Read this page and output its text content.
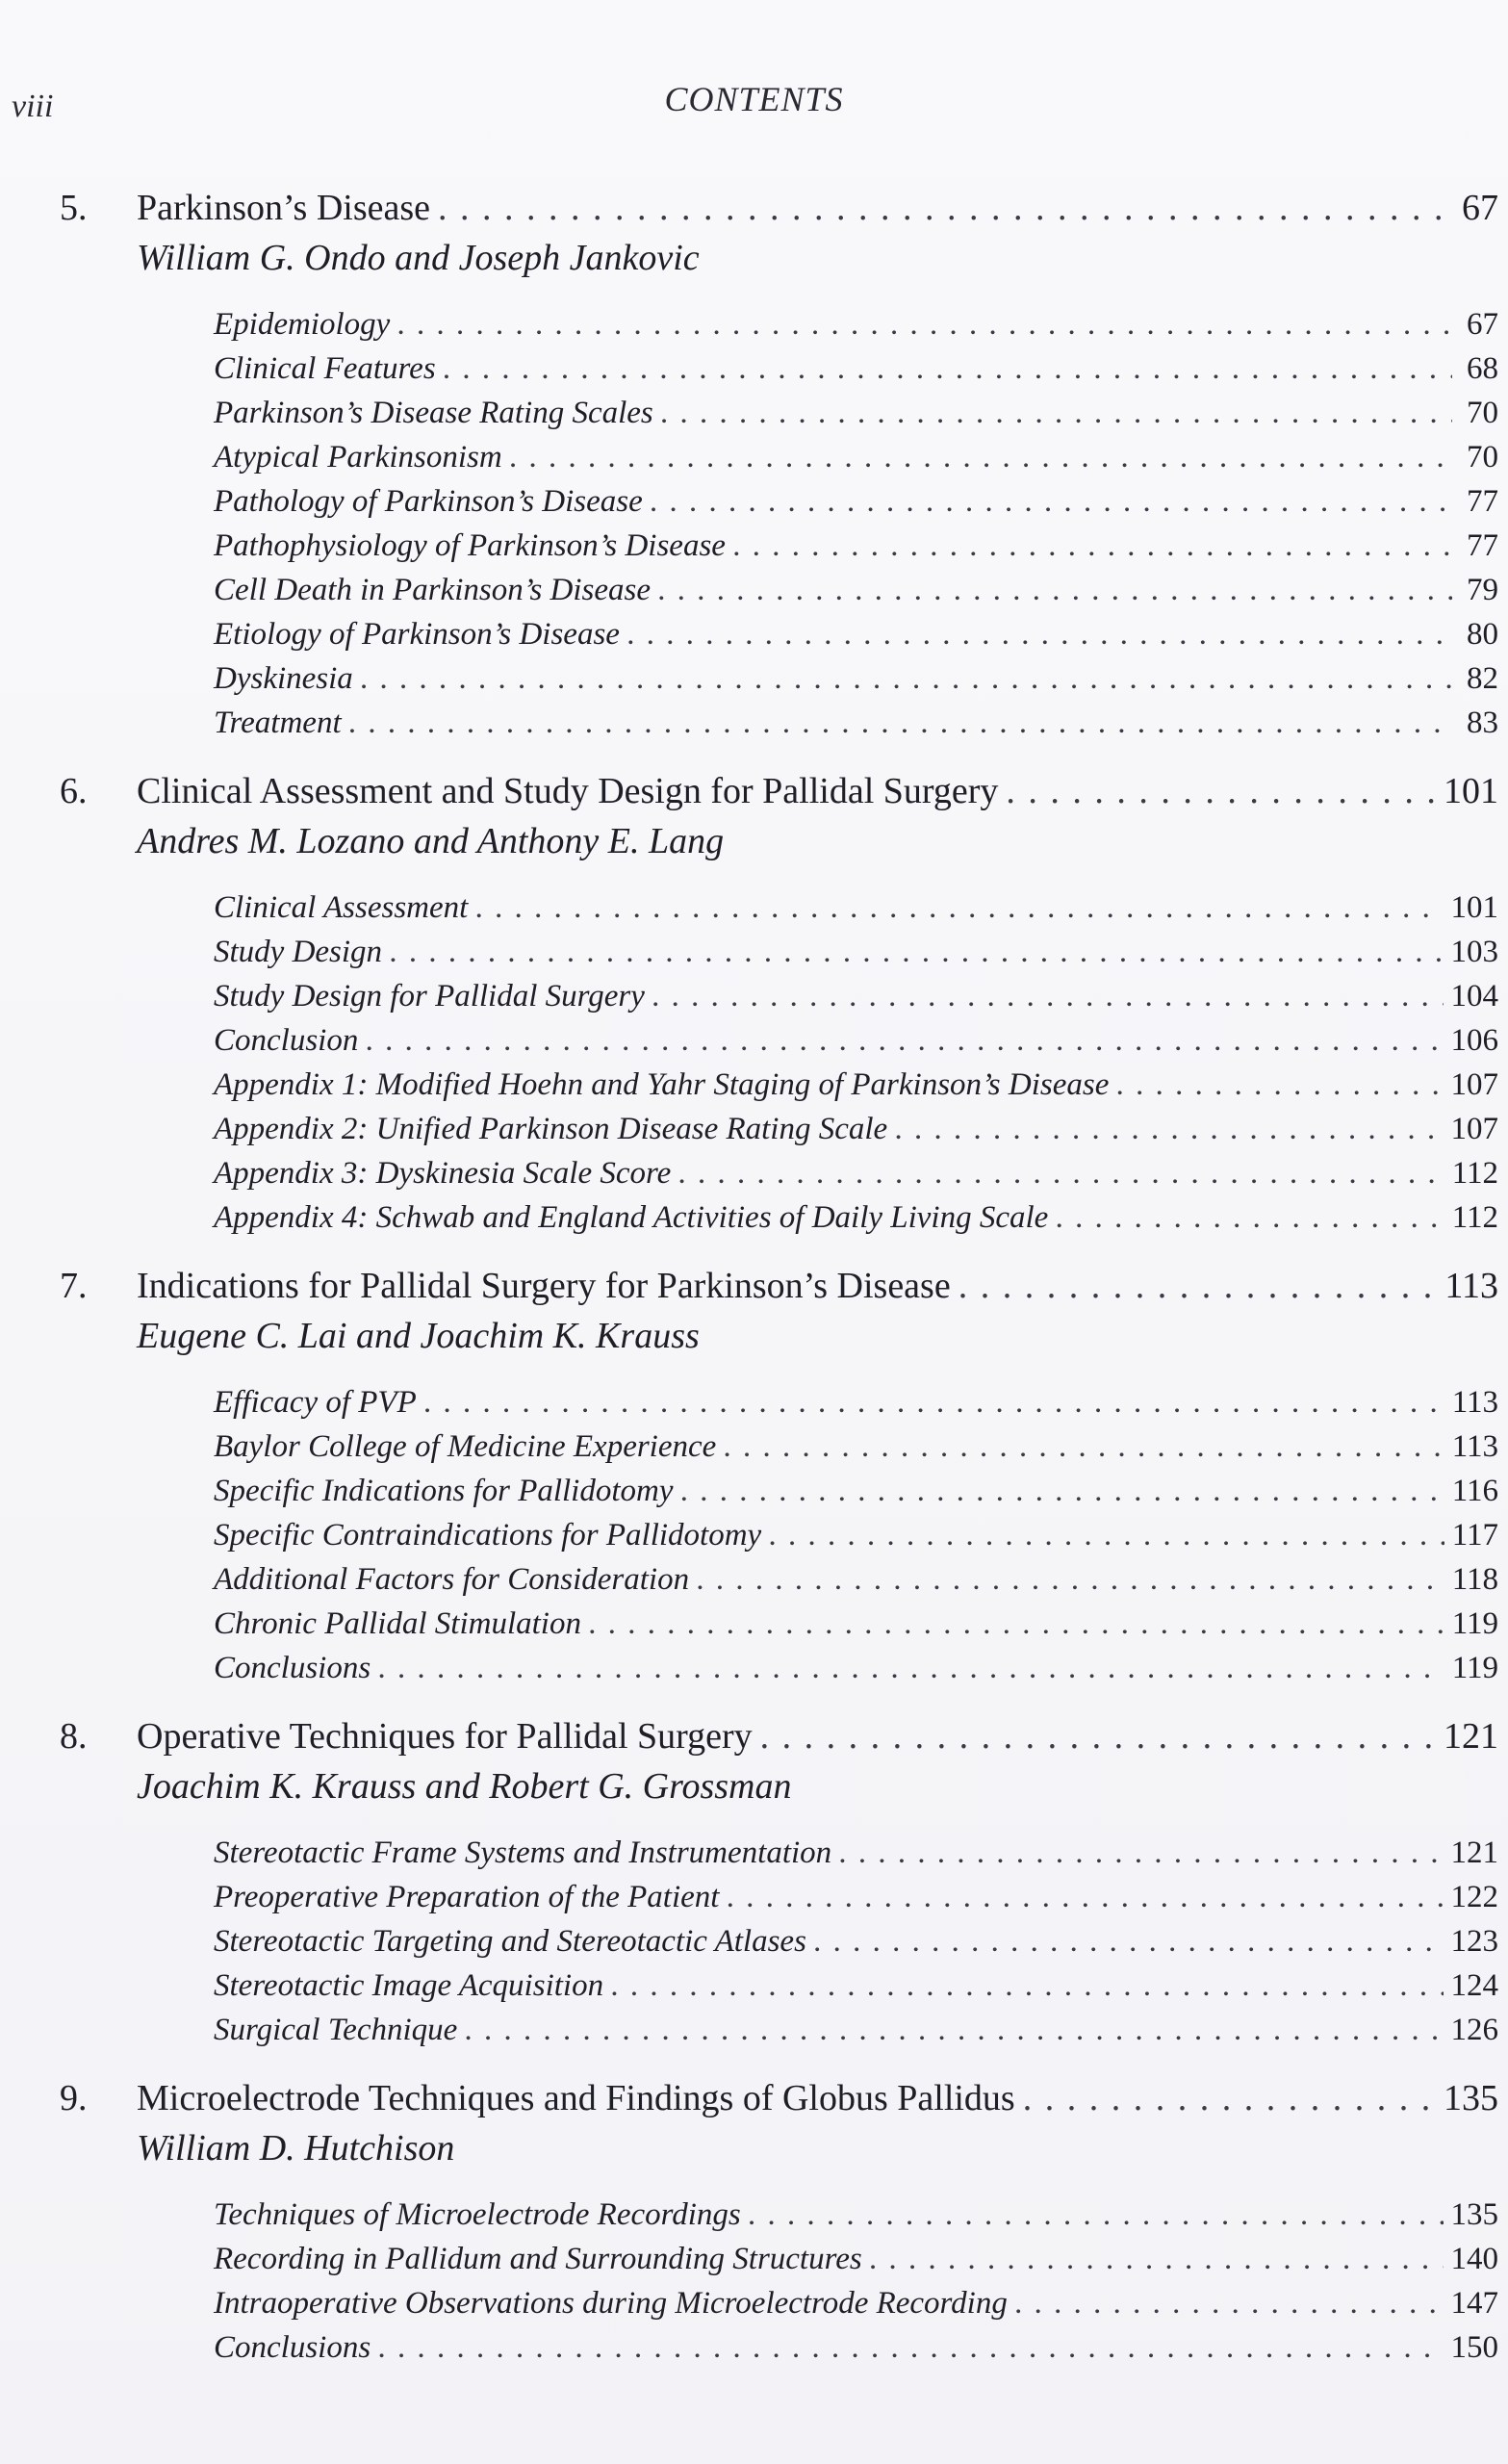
viii	CONTENTS
5.	Parkinson’s Disease . . .	67
William G. Ondo and Joseph Jankovic
Epidemiology . . .	67
Clinical Features . . .	68
Parkinson’s Disease Rating Scales . . .	70
Atypical Parkinsonism . . .	70
Pathology of Parkinson’s Disease . . .	77
Pathophysiology of Parkinson’s Disease . . .	77
Cell Death in Parkinson’s Disease . . .	79
Etiology of Parkinson’s Disease . . .	80
Dyskinesia . . .	82
Treatment . . .	83
6.	Clinical Assessment and Study Design for Pallidal Surgery . . .	101
Andres M. Lozano and Anthony E. Lang
Clinical Assessment . . .	101
Study Design . . .	103
Study Design for Pallidal Surgery . . .	104
Conclusion . . .	106
Appendix 1: Modified Hoehn and Yahr Staging of Parkinson’s Disease . . .	107
Appendix 2: Unified Parkinson Disease Rating Scale . . .	107
Appendix 3: Dyskinesia Scale Score . . .	112
Appendix 4: Schwab and England Activities of Daily Living Scale . . .	112
7.	Indications for Pallidal Surgery for Parkinson’s Disease . . .	113
Eugene C. Lai and Joachim K. Krauss
Efficacy of PVP . . .	113
Baylor College of Medicine Experience . . .	113
Specific Indications for Pallidotomy . . .	116
Specific Contraindications for Pallidotomy . . .	117
Additional Factors for Consideration . . .	118
Chronic Pallidal Stimulation . . .	119
Conclusions . . .	119
8.	Operative Techniques for Pallidal Surgery . . .	121
Joachim K. Krauss and Robert G. Grossman
Stereotactic Frame Systems and Instrumentation . . .	121
Preoperative Preparation of the Patient . . .	122
Stereotactic Targeting and Stereotactic Atlases . . .	123
Stereotactic Image Acquisition . . .	124
Surgical Technique . . .	126
9.	Microelectrode Techniques and Findings of Globus Pallidus . . .	135
William D. Hutchison
Techniques of Microelectrode Recordings . . .	135
Recording in Pallidum and Surrounding Structures . . .	140
Intraoperative Observations during Microelectrode Recording . . .	147
Conclusions . . .	150
